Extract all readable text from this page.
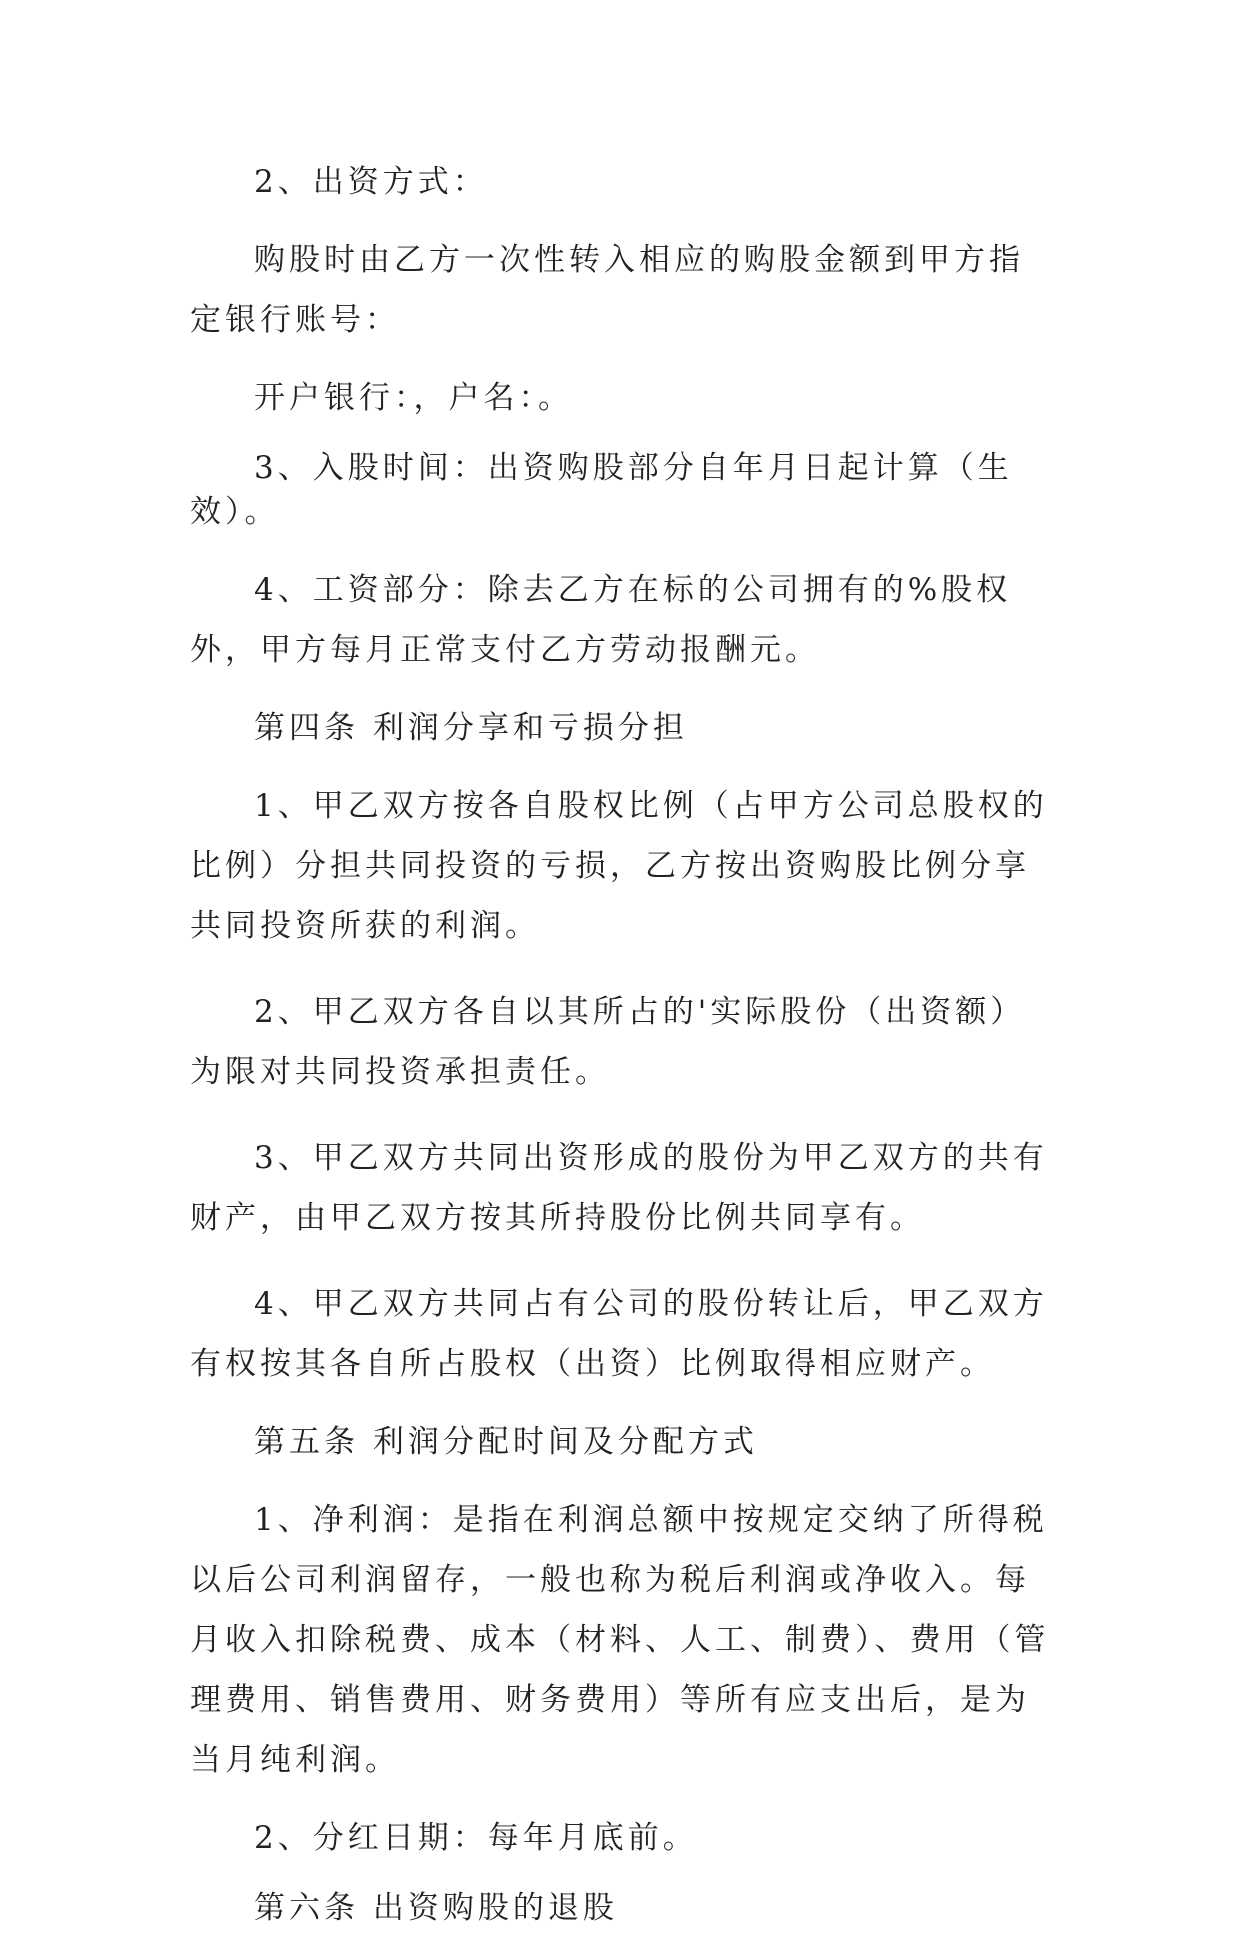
2、出资方式：

购股时由乙方一次性转入相应的购股金额到甲方指定银行账号：

开户银行：，户名：。

3、入股时间：出资购股部分自年月日起计算（生效）。

4、工资部分：除去乙方在标的公司拥有的%股权外，甲方每月正常支付乙方劳动报酬元。

第四条 利润分享和亏损分担

1、甲乙双方按各自股权比例（占甲方公司总股权的比例）分担共同投资的亏损，乙方按出资购股比例分享共同投资所获的利润。

2、甲乙双方各自以其所占的'实际股份（出资额）为限对共同投资承担责任。

3、甲乙双方共同出资形成的股份为甲乙双方的共有财产，由甲乙双方按其所持股份比例共同享有。

4、甲乙双方共同占有公司的股份转让后，甲乙双方有权按其各自所占股权（出资）比例取得相应财产。

第五条 利润分配时间及分配方式

1、净利润：是指在利润总额中按规定交纳了所得税以后公司利润留存，一般也称为税后利润或净收入。每月收入扣除税费、成本（材料、人工、制费）、费用（管理费用、销售费用、财务费用）等所有应支出后，是为当月纯利润。

2、分红日期：每年月底前。

第六条 出资购股的退股
